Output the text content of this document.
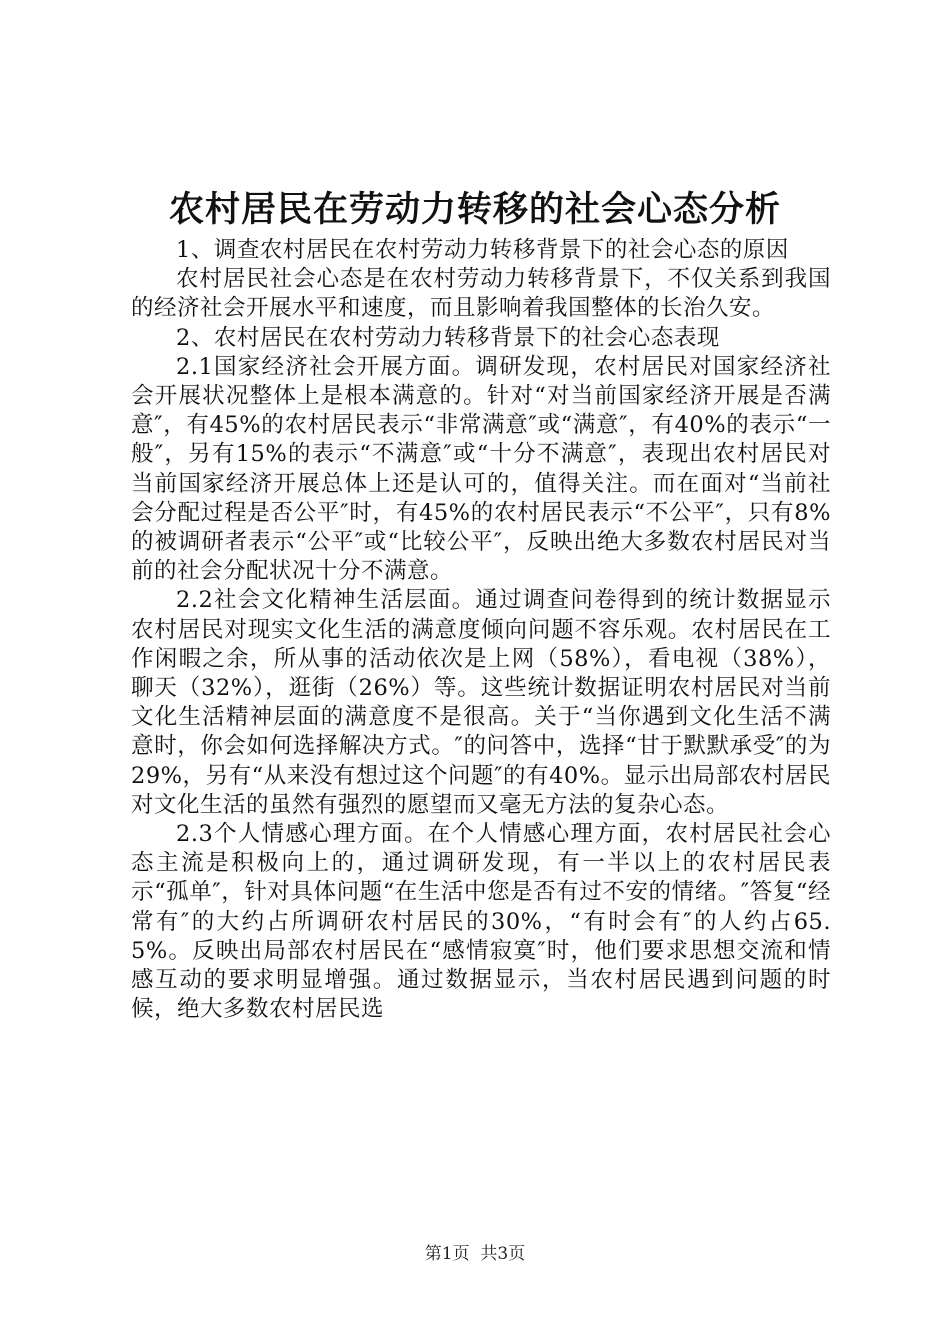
农村居民在劳动力转移的社会心态分析

1、调查农村居民在农村劳动力转移背景下的社会心态的原因

农村居民社会心态是在农村劳动力转移背景下，不仅关系到我国的经济社会开展水平和速度，而且影响着我国整体的长治久安。

2、农村居民在农村劳动力转移背景下的社会心态表现

2.1国家经济社会开展方面。调研发现，农村居民对国家经济社会开展状况整体上是根本满意的。针对“对当前国家经济开展是否满意″，有45%的农村居民表示“非常满意″或“满意″，有40%的表示“一般″，另有15%的表示“不满意″或“十分不满意″，表现出农村居民对当前国家经济开展总体上还是认可的，值得关注。而在面对“当前社会分配过程是否公平″时，有45%的农村居民表示“不公平″，只有8%的被调研者表示“公平″或“比较公平″，反映出绝大多数农村居民对当前的社会分配状况十分不满意。

2.2社会文化精神生活层面。通过调查问卷得到的统计数据显示农村居民对现实文化生活的满意度倾向问题不容乐观。农村居民在工作闲暇之余，所从事的活动依次是上网（58%），看电视（38%），聊天（32%），逛街（26%）等。这些统计数据证明农村居民对当前文化生活精神层面的满意度不是很高。关于“当你遇到文化生活不满意时，你会如何选择解决方式。″的问答中，选择“甘于默默承受″的为29%，另有“从来没有想过这个问题″的有40%。显示出局部农村居民对文化生活的虽然有强烈的愿望而又毫无方法的复杂心态。

2.3个人情感心理方面。在个人情感心理方面，农村居民社会心态主流是积极向上的，通过调研发现，有一半以上的农村居民表示“孤单″，针对具体问题“在生活中您是否有过不安的情绪。″答复“经常有″的大约占所调研农村居民的30%，“有时会有″的人约占65.5%。反映出局部农村居民在“感情寂寞″时，他们要求思想交流和情感互动的要求明显增强。通过数据显示，当农村居民遇到问题的时候，绝大多数农村居民选

第1页 共3页
